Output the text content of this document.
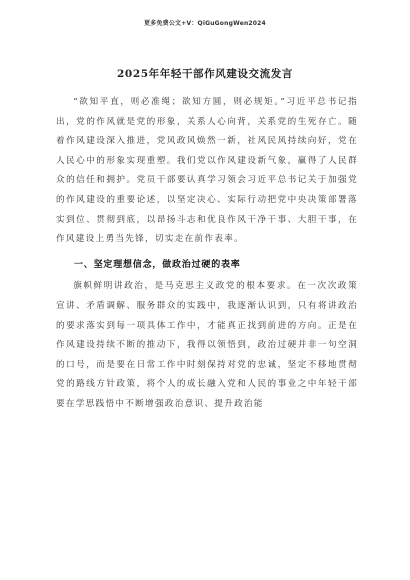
更多免费公文+V：QiGuGongWen2024
2025年年轻干部作风建设交流发言

“欲知平直，则必准绳；欲知方圆，则必规矩。”习近平总书记指出，党的作风就是党的形象，关系人心向背，关系党的生死存亡。随着作风建设深入推进，党风政风焕然一新，社风民风持续向好，党在人民心中的形象实现重塑。我们党以作风建设新气象，赢得了人民群众的信任和拥护。党员干部要认真学习领会习近平总书记关于加强党的作风建设的重要论述，以坚定决心、实际行动把党中央决策部署落实到位、贯彻到底，以昂扬斗志和优良作风干净干事、大胆干事，在作风建设上勇当先锋，切实走在前作表率。

一、坚定理想信念，做政治过硬的表率

旗帜鲜明讲政治，是马克思主义政党的根本要求。在一次次政策宣讲、矛盾调解、服务群众的实践中，我逐渐认识到，只有将讲政治的要求落实到每一项具体工作中，才能真正找到前进的方向。正是在作风建设持续不断的推动下，我得以领悟到，政治过硬并非一句空洞的口号，而是要在日常工作中时刻保持对党的忠诚，坚定不移地贯彻党的路线方针政策，将个人的成长融入党和人民的事业之中年轻干部要在学思践悟中不断增强政治意识、提升政治能
